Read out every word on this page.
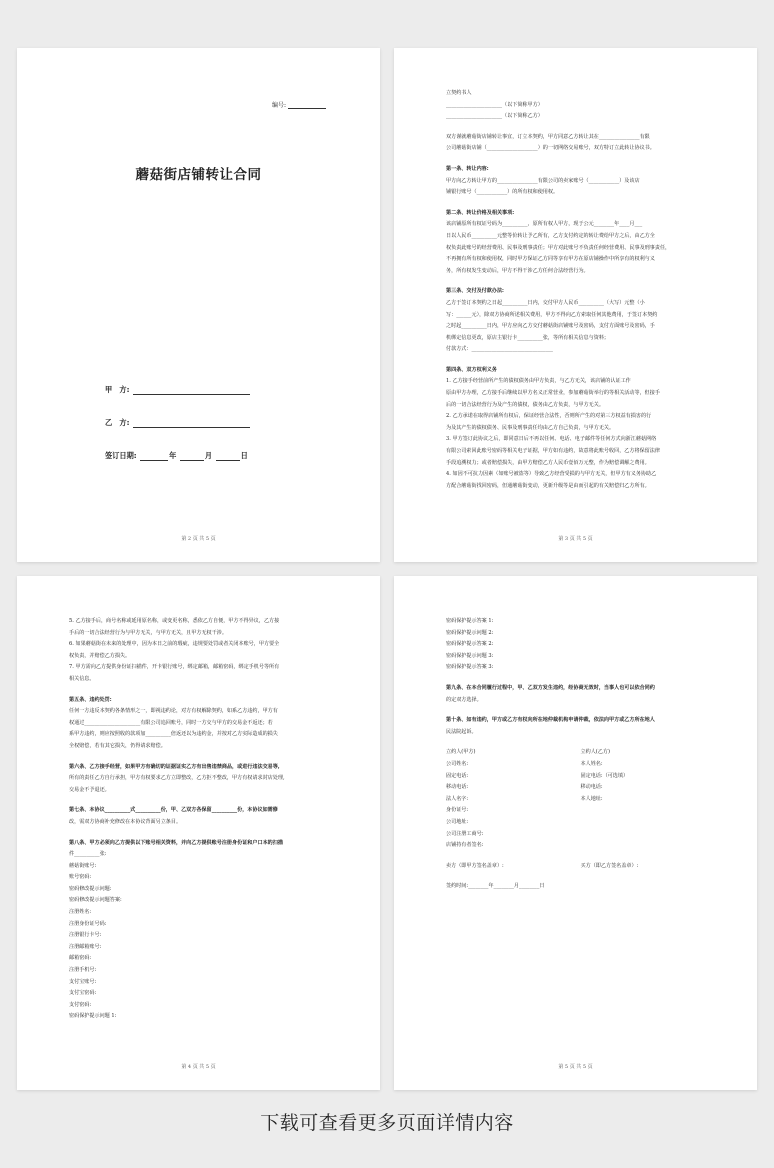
编号:
蘑菇街店铺转让合同
甲　方:
乙　方:
签订日期:	年	月	日
第 2 页 共 5 页

立契约书人

______________________（以下简称甲方）

______________________（以下简称乙方）

双方谨就蘑菇街店铺转让事宜，订立本契约，甲方同意乙方转让其在________________有限

公司蘑菇街店铺（____________________）的一切网络交易账号，双方特订立此转让协议书。

第一条、转让内容:

甲方向乙方转让甲方的________________有限公司的卖家账号（____________）及该店

铺银行账号（____________）的所有权和使用权。

第二条、转让价格及相关事项:

该店铺原所有权证号码为__________，原所有权人甲方，现于公元________年____月___

日以人民币__________元整等价转让予乙所有，乙方支付约定的转让费给甲方之后，由乙方全

权负责此账号的经营费用、民事及刑事责任；甲方对此账号不负责任何经营费用、民事及刑事责任，

不再拥有所有权和使用权，同时甲方保证乙方同等享有甲方在原店铺操作中所享有的权利与义

务，所有权发生变动后，甲方不得干涉乙方任何合法经营行为。

第三条、交付及付款办法:

乙方于签订本契约之日起__________日内，交付甲方人民币__________（大写）元整（小

写：______元），除双方协商所述相关费用，甲方不得向乙方索取任何其他费用，于签订本契约

之时起__________日内，甲方应向乙方交付蘑菇街店铺账号及密码，支付方面账号及密码，手

机绑定信息更改，原店主银行卡__________张，等所有相关信息与资料；

付款方式：________________________________

第四条、双方权利义务

1. 乙方接手经营前所产生的债权债务由甲方负责，与乙方无关，该店铺的认证工作

原由甲方办理，乙方接手后继续以甲方名义正常营业，参加蘑菇街举行的等相关活动等，但接手

后的一切合法经营行为及产生的债权，债务由乙方负责，与甲方无关。

2. 乙方承诺在取得店铺所有权后，保证经营合法性，否则所产生的对第三方权益有损害的行

为及其产生的债权债务、民事及刑事责任均由乙方自己负责，与甲方无关。

3. 甲方签订此协议之后，即同意日后不再以任何、电话、电子邮件等任何方式向浙江蘑菇网络

有限公司索回此账号密码等相关电子证据，甲方如有违约，故意将此账号收回，乙方将保留法律

手段追溯权力；或者赔偿损失，由甲方赔偿乙方人民币壹佰万元整，作为赔偿调解之费用。

4. 如因不可抗力因素（如账号被盗等）导致乙方经营受损的与甲方无关，但甲方有义务协助乙

方配合蘑菇街找回密码，但通蘑菇街变动，更新升级等是由而引起的有关赔偿归乙方所有。

第 3 页 共 5 页

5. 乙方接手后，商号名称或延用原名称，或变更名称，悉依乙方自便，甲方不得异议，乙方接

手后的一切合法经营行为与甲方无关，与甲方无关，且甲方无权干涉。

6. 如果蘑菇街在未来的处理中，因为本日之前的瑕疵，违规要处罚或者关闭本账号，甲方要全

权负责，并赔偿乙方损失。

7. 甲方需向乙方提供身份证扫描件，开卡银行账号，绑定邮箱，邮箱密码，绑定手机号等所有

相关信息。

第五条、违约处罚:

任何一方违反本契约各条情形之一，即视违约论，对方有权解除契约，如系乙方违约，甲方有

权通过______________________有限公司追回账号，同时一方交与甲方的交易金不返还；若

系甲方违约，则应按照收的款项加__________倍返还以为违约金，并按对乙方实际造成的损失

全权赔偿，若有其它损失，仍得请求赔偿。

第六条、乙方接手经营，如果甲方有确切的证据证实乙方有出售违禁商品，或进行违法交易等,

所有的责任乙方自行承担，甲方有权要求乙方立即整改，乙方拒不整改，甲方有权请求封店处理,

交易金不予退还。

第七条、本协议__________式__________份，甲、乙双方各保留__________份，本协议如需修

改，需双方协商补充修改在本协议背面另立条目。

第八条、甲方必须向乙方提供以下账号相关资料，并向乙方提供账号注册身份证和户口本的扫描

件__________张:

蘑菇街账号:

账号密码:

密码修改提示问题:

密码修改提示问题答案:

注册姓名:

注册身份证号码:

注册银行卡号:

注册邮箱账号:

邮箱密码:

注册手机号:

支付宝账号:

支付宝密码:

支付密码:

密码保护提示问题 1:

第 4 页 共 5 页

密码保护提示答案 1:

密码保护提示问题 2:

密码保护提示答案 2:

密码保护提示问题 3:

密码保护提示答案 3:

第九条、在本合同履行过程中，甲、乙双方发生违约，经协商无效时，当事人也可以依合同约

的定双方选择。

第十条、如有违约，甲方或乙方有权向所在地仲裁机构申请仲裁，依法向甲方或乙方所在地人

民法院起诉。

立约人(甲方)	立约人(乙方)
公司姓名:	本人姓名:
固定电话:	固定电话:（可选填）
移动电话:	移动电话:
法人名字:	本人地址:
身份证号:
公司地址:
公司注册工商号:
店铺持有者签名:
卖方（即甲方签名盖章）:	买方（即乙方签名盖章）:

签约时间:________年________月________日

第 5 页 共 5 页
下载可查看更多页面详情内容
